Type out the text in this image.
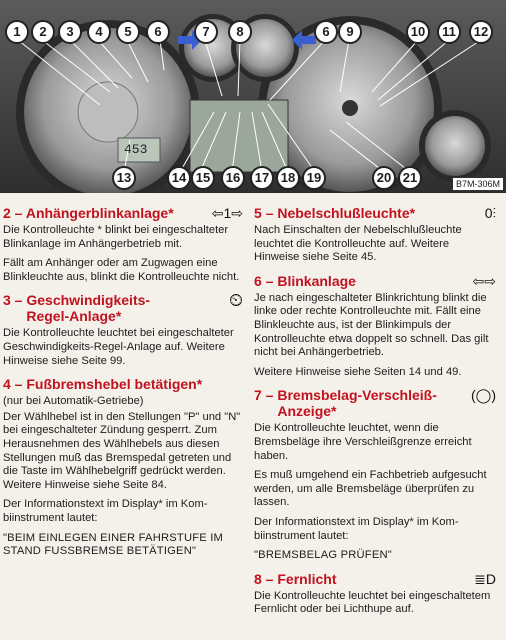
453
1	2	3	4	5	6	7	8	6	9	10	11	12
13	14 15	16	17 18 19	20 21	B7M-306M
2 – Anhängerblinkanlage*	⇦1⇨

Die Kontrolleuchte * blinkt bei eingeschalteter Blinkanlage im Anhängerbetrieb mit.

Fällt am Anhänger oder am Zugwagen eine Blinkleuchte aus, blinkt die Kontrolleuchte nicht.

3 – Geschwindigkeits-Regel-Anlage*
⏲

Die Kontrolleuchte leuchtet bei eingeschalteter Geschwindigkeits-Regel-Anlage auf. Weitere Hinweise siehe Seite 99.

4 – Fußbremshebel betätigen*

(nur bei Automatik-Getriebe)

Der Wählhebel ist in den Stellungen "P" und "N" bei eingeschalteter Zündung gesperrt. Zum Herausnehmen des Wählhebels aus diesen Stellungen muß das Bremspedal getreten und die Taste im Wählhebelgriff gedrückt werden. Weitere Hinweise siehe Seite 84.

Der Informationstext im Display* im Kombiinstrument lautet:

"BEIM EINLEGEN EINER FAHRSTUFE IM STAND FUSSBREMSE BETÄTIGEN"

5 – Nebelschlußleuchte*	0⫶

Nach Einschalten der Nebelschlußleuchte leuchtet die Kontrolleuchte auf. Weitere Hinweise siehe Seite 45.

6 – Blinkanlage	⇦⇨

Je nach eingeschalteter Blinkrichtung blinkt die linke oder rechte Kontrolleuchte mit. Fällt eine Blinkleuchte aus, ist der Blinkimpuls der Kontrolleuchte etwa doppelt so schnell. Das gilt nicht bei Anhängerbetrieb.

Weitere Hinweise siehe Seiten 14 und 49.

7 – Bremsbelag-Verschleiß-Anzeige*
(◯)

Die Kontrolleuchte leuchtet, wenn die Bremsbeläge ihre Verschleißgrenze erreicht haben.

Es muß umgehend ein Fachbetrieb aufgesucht werden, um alle Bremsbeläge überprüfen zu lassen.

Der Informationstext im Display* im Kombiinstrument lautet:

"BREMSBELAG PRÜFEN"

8 – Fernlicht	≣D

Die Kontrolleuchte leuchtet bei eingeschaltetem Fernlicht oder bei Lichthupe auf.
